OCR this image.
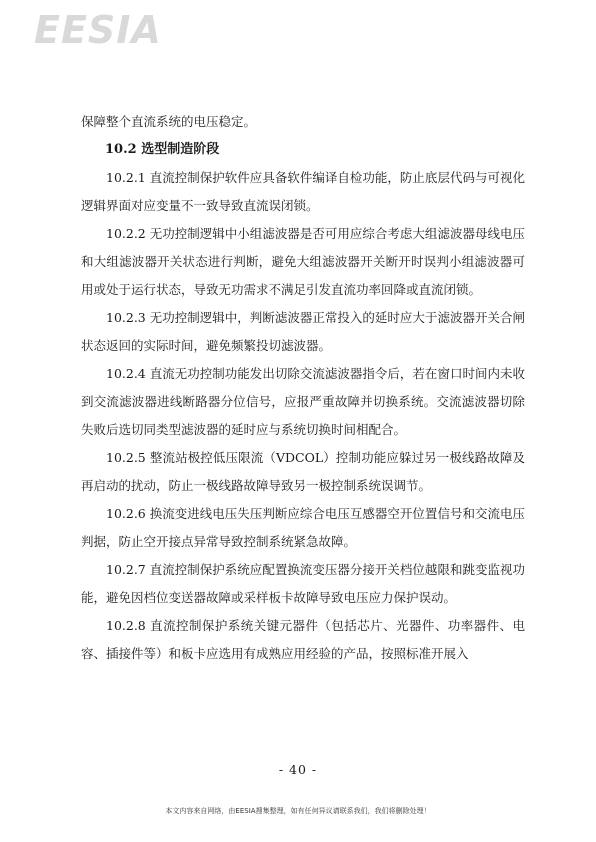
EESIA

保障整个直流系统的电压稳定。

10.2 选型制造阶段

10.2.1 直流控制保护软件应具备软件编译自检功能，防止底层代码与可视化逻辑界面对应变量不一致导致直流误闭锁。

10.2.2 无功控制逻辑中小组滤波器是否可用应综合考虑大组滤波器母线电压和大组滤波器开关状态进行判断，避免大组滤波器开关断开时误判小组滤波器可用或处于运行状态，导致无功需求不满足引发直流功率回降或直流闭锁。

10.2.3 无功控制逻辑中，判断滤波器正常投入的延时应大于滤波器开关合闸状态返回的实际时间，避免频繁投切滤波器。

10.2.4 直流无功控制功能发出切除交流滤波器指令后，若在窗口时间内未收到交流滤波器进线断路器分位信号，应报严重故障并切换系统。交流滤波器切除失败后选切同类型滤波器的延时应与系统切换时间相配合。

10.2.5 整流站极控低压限流（VDCOL）控制功能应躲过另一极线路故障及再启动的扰动，防止一极线路故障导致另一极控制系统误调节。

10.2.6 换流变进线电压失压判断应综合电压互感器空开位置信号和交流电压判据，防止空开接点异常导致控制系统紧急故障。

10.2.7 直流控制保护系统应配置换流变压器分接开关档位越限和跳变监视功能，避免因档位变送器故障或采样板卡故障导致电压应力保护误动。

10.2.8 直流控制保护系统关键元器件（包括芯片、光器件、功率器件、电容、插接件等）和板卡应选用有成熟应用经验的产品，按照标准开展入

- 40 -
本文内容来自网络，由EESIA搜集整理，如有任何异议请联系我们，我们将删除处理！
